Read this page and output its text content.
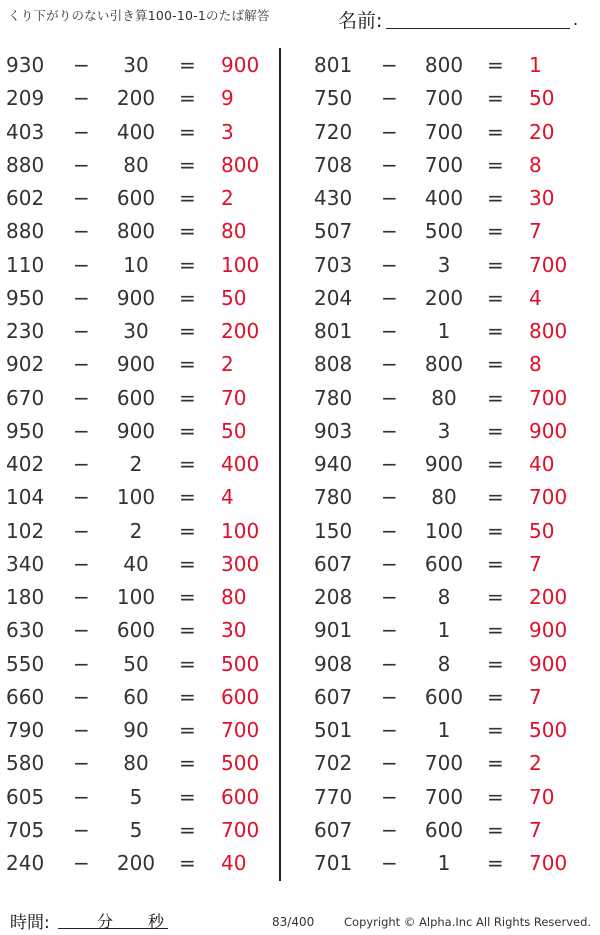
くり下がりのない引き算100-10-1のたば解答	名前:	.
930 −	30	= 900
209 −	200	= 9
403 −	400	= 3
880 −	80	= 800
602 −	600	= 2
880 −	800	= 80
110 −	10	= 100
950 −	900	= 50
230 −	30	= 200
902 −	900	= 2
670 −	600	= 70
950 −	900	= 50
402 −	2	= 400
104 −	100	= 4
102 −	2	= 100
340 −	40	= 300
180 −	100	= 80
630 −	600	= 30
550 −	50	= 500
660 −	60	= 600
790 −	90	= 700
580 −	80	= 500
605 −	5	= 600
705 −	5	= 700
240 −	200	= 40
801 −	800	= 1
750 −	700	= 50
720 −	700	= 20
708 −	700	= 8
430 −	400	= 30
507 −	500	= 7
703 −	3	= 700
204 −	200	= 4
801 −	1	= 800
808 −	800	= 8
780 −	80	= 700
903 −	3	= 900
940 −	900	= 40
780 −	80	= 700
150 −	100	= 50
607 −	600	= 7
208 −	8	= 200
901 −	1	= 900
908 −	8	= 900
607 −	600	= 7
501 −	1	= 500
702 −	700	= 2
770 −	700	= 70
607 −	600	= 7
701 −	1	= 700
時間:	分 秒	83/400	Copyright © Alpha.Inc All Rights Reserved.
